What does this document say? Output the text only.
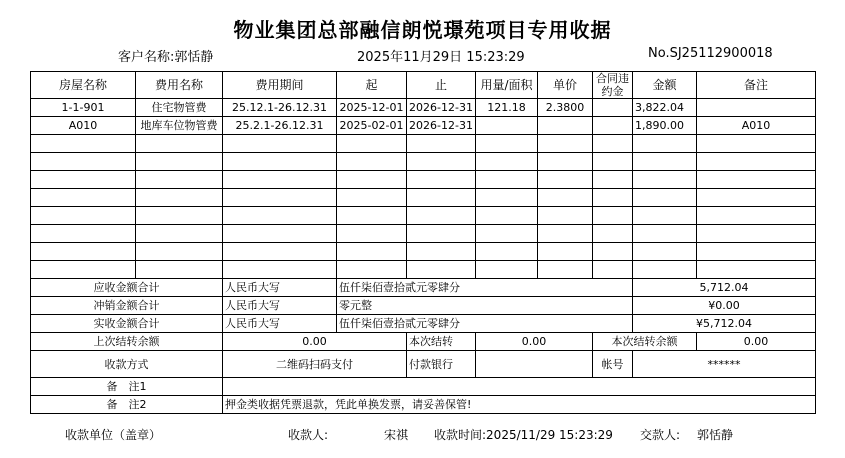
物业集团总部融信朗悦璟苑项目专用收据
客户名称:郭恬静	2025年11月29日 15:23:29	No.SJ25112900018
房屋名称	费用名称	费用期间	起	止	用量/面积	单价	合同违
约金	金额	备注
1-1-901	住宅物管费	25.12.1-26.12.31	2025-12-01	2026-12-31	121.18	2.3800		3,822.04	
A010	地库车位物管费	25.2.1-26.12.31	2025-02-01	2026-12-31				1,890.00	A010

应收金额合计		人民币大写	伍仟柒佰壹拾贰元零肆分					5,712.04	
冲销金额合计		人民币大写	零元整					¥0.00	
实收金额合计		人民币大写	伍仟柒佰壹拾贰元零肆分					¥5,712.04	
上次结转余额		0.00		本次结转	0.00		本次结转余额		0.00
收款方式		二维码扫码支付		付款银行			帐号	******	
备　注1									
备　注2		押金类收据凭票退款，凭此单换发票，请妥善保管!							
收款单位（盖章）	收款人:	宋祺 收款时间:2025/11/29 15:23:29 交款人: 郭恬静
